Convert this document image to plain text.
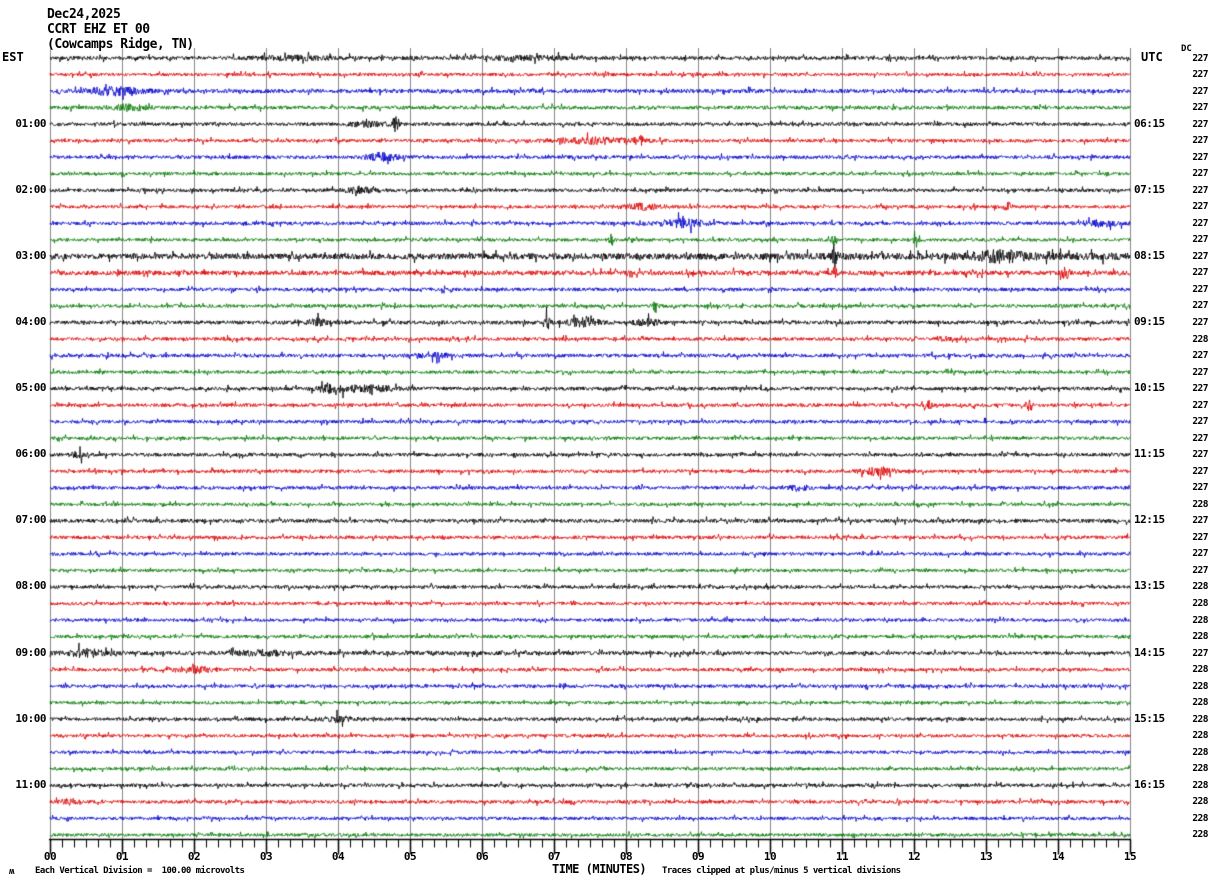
Dec24,2025
CCRT EHZ ET 00
(Cowcamps Ridge, TN)
EST	UTC
DC
01:00
02:00
03:00
04:00
05:00
06:00
07:00
08:00
09:00
10:00
11:00
06:15
07:15
08:15
09:15
10:15
11:15
12:15
13:15
14:15
15:15
16:15
227
227
227
227
227
227
227
227
227
227
227
227
227
227
227
227
227
228
227
227
227
227
227
227
227
227
227
228
227
227
227
227
228
228
228
228
227
228
228
228
228
228
228
228
228
228
228
228
00	01	02	03	04	05	06	07	08	09	10	11	12	13	14	15
TIME (MINUTES)
ʍ Each Vertical Division =  100.00 microvolts	Traces clipped at plus/minus 5 vertical divisions
